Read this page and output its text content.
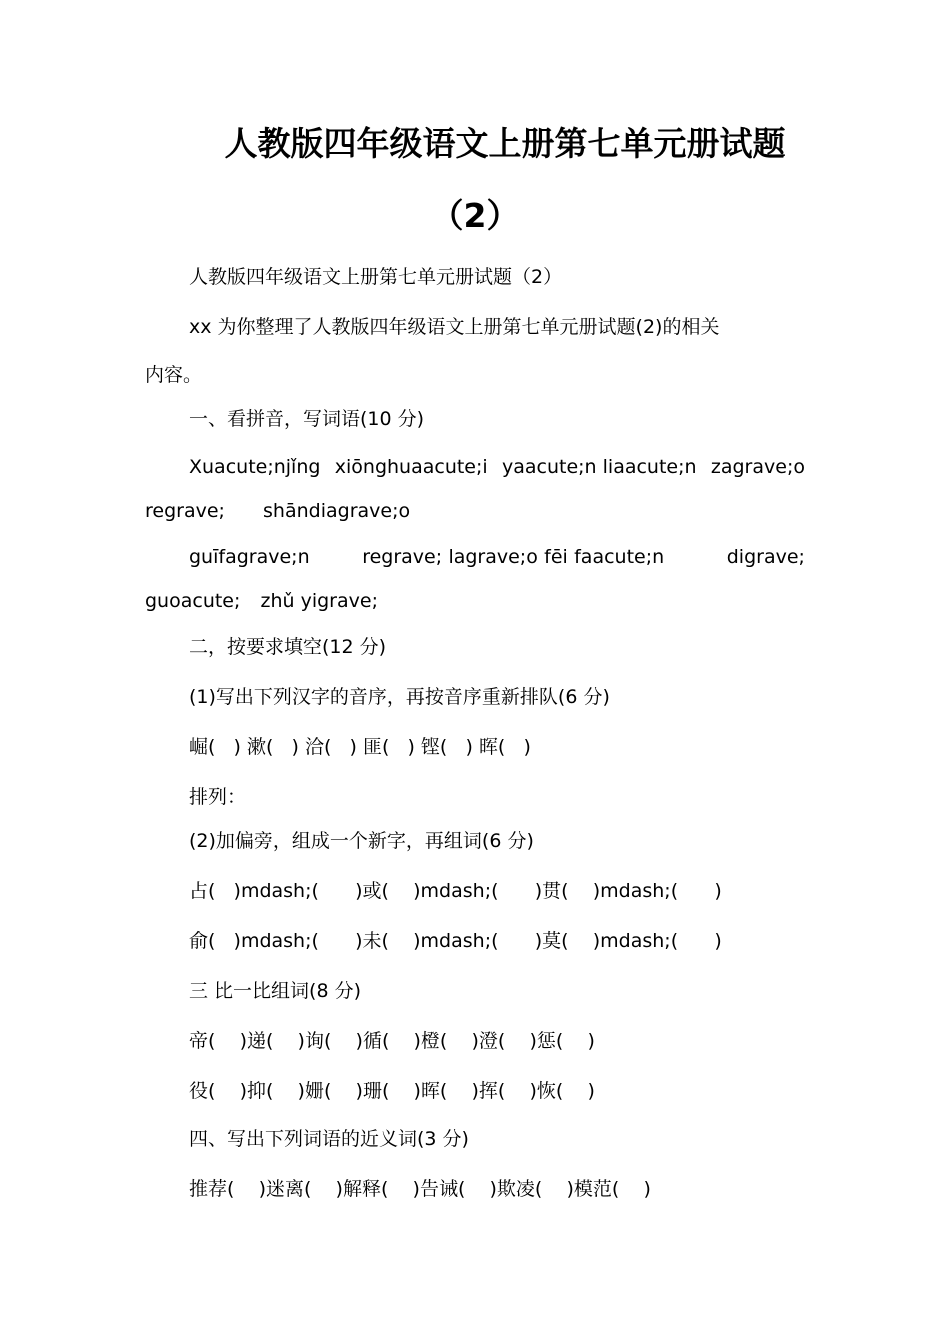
人教版四年级语文上册第七单元册试题
（2）
人教版四年级语文上册第七单元册试题（2）
xx 为你整理了人教版四年级语文上册第七单元册试题(2)的相关
内容。
一、看拼音，写词语(10 分)
Xuacute;njǐng xiōnghuaacute;i yaacute;n liaacute;n zagrave;o
regrave; shāndiagrave;o
guīfagrave;n	regrave; lagrave;o fēi faacute;n	digrave;
guoacute; zhǔ yigrave;
二，按要求填空(12 分)
(1)写出下列汉字的音序，再按音序重新排队(6 分)
崛(   ) 漱(   ) 洽(   ) 匪(   ) 铿(   ) 晖(   )
排列：
(2)加偏旁，组成一个新字，再组词(6 分)
占(   )mdash;(      )或(    )mdash;(      )贯(    )mdash;(      )
俞(   )mdash;(      )未(    )mdash;(      )莫(    )mdash;(      )
三 比一比组词(8 分)
帝(    )递(    )询(    )循(    )橙(    )澄(    )惩(    )
役(    )抑(    )姗(    )珊(    )晖(    )挥(    )恢(    )
四、写出下列词语的近义词(3 分)
推荐(    )迷离(    )解释(    )告诫(    )欺凌(    )模范(    )
